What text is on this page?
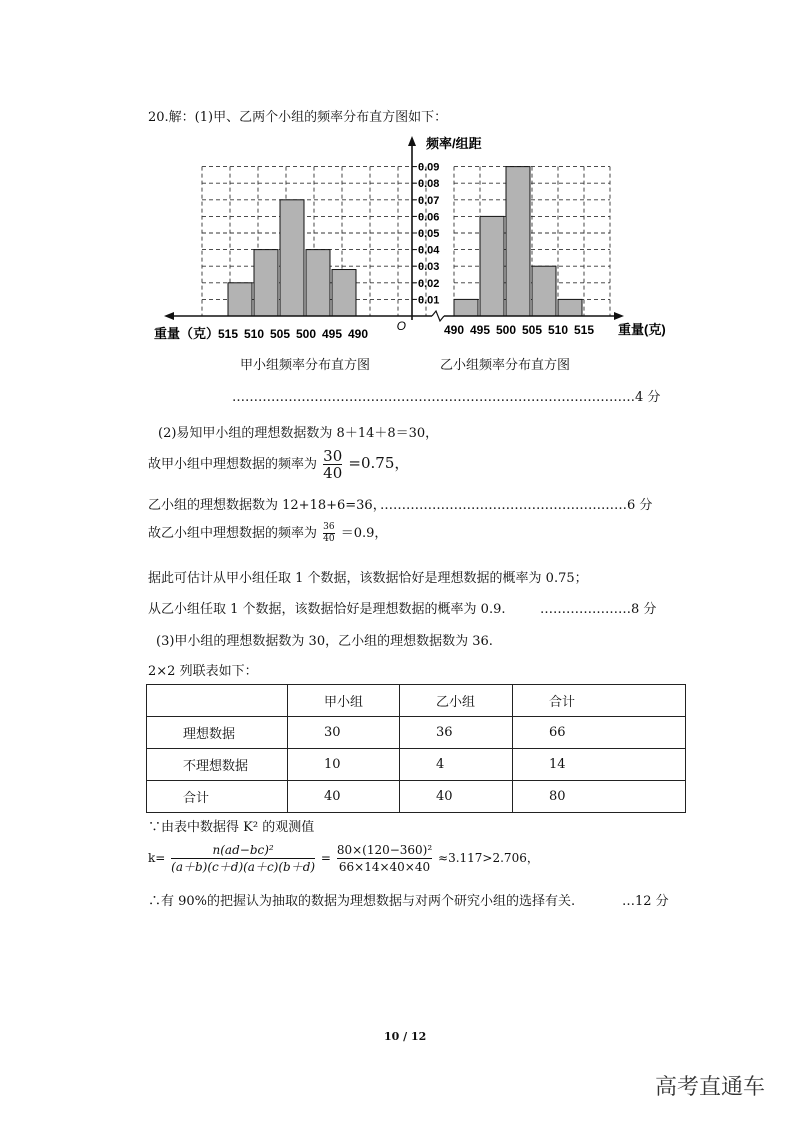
20.解：(1)甲、乙两个小组的频率分布直方图如下：
频率/组距
0.09
0.08
0.07
0.06
0.05
0.04
0.03
0.02
0.01
O
重量（克）
515 510 505 500 495 490	490 495 500 505 510 515 重量(克)
甲小组频率分布直方图	乙小组频率分布直方图
…………………………………………………………………………………4 分
(2)易知甲小组的理想数据数为 8＋14＋8＝30，
故甲小组中理想数据的频率为 $\frac{30}{40} =0.75$，
乙小组的理想数据数为 12+18+6=36，
…………………………………………………6 分
故乙小组中理想数据的频率为 $\frac{36}{40} =0.9$，
据此可估计从甲小组任取 1 个数据，该数据恰好是理想数据的概率为 0.75；
从乙小组任取 1 个数据，该数据恰好是理想数据的概率为 0.9.	…………………8 分
(3)甲小组的理想数据数为 30，乙小组的理想数据数为 36.
2×2 列联表如下：
	甲小组	乙小组	合计
理想数据	30	36	66
不理想数据	10	4	14
合计	40	40	80
∵由表中数据得 K² 的观测值
$k= \frac{\text{n(ad−bc)²}}{(a+b)(c+d)(a+c)(b+d)} = \frac{\text{80×(120−360)²}}{66\times 14\times 40\times 40} \approx 3.117>2.706$，
∴有 90%的把握认为抽取的数据为理想数据与对两个研究小组的选择有关.	…12 分
10 / 12
高考直通车
